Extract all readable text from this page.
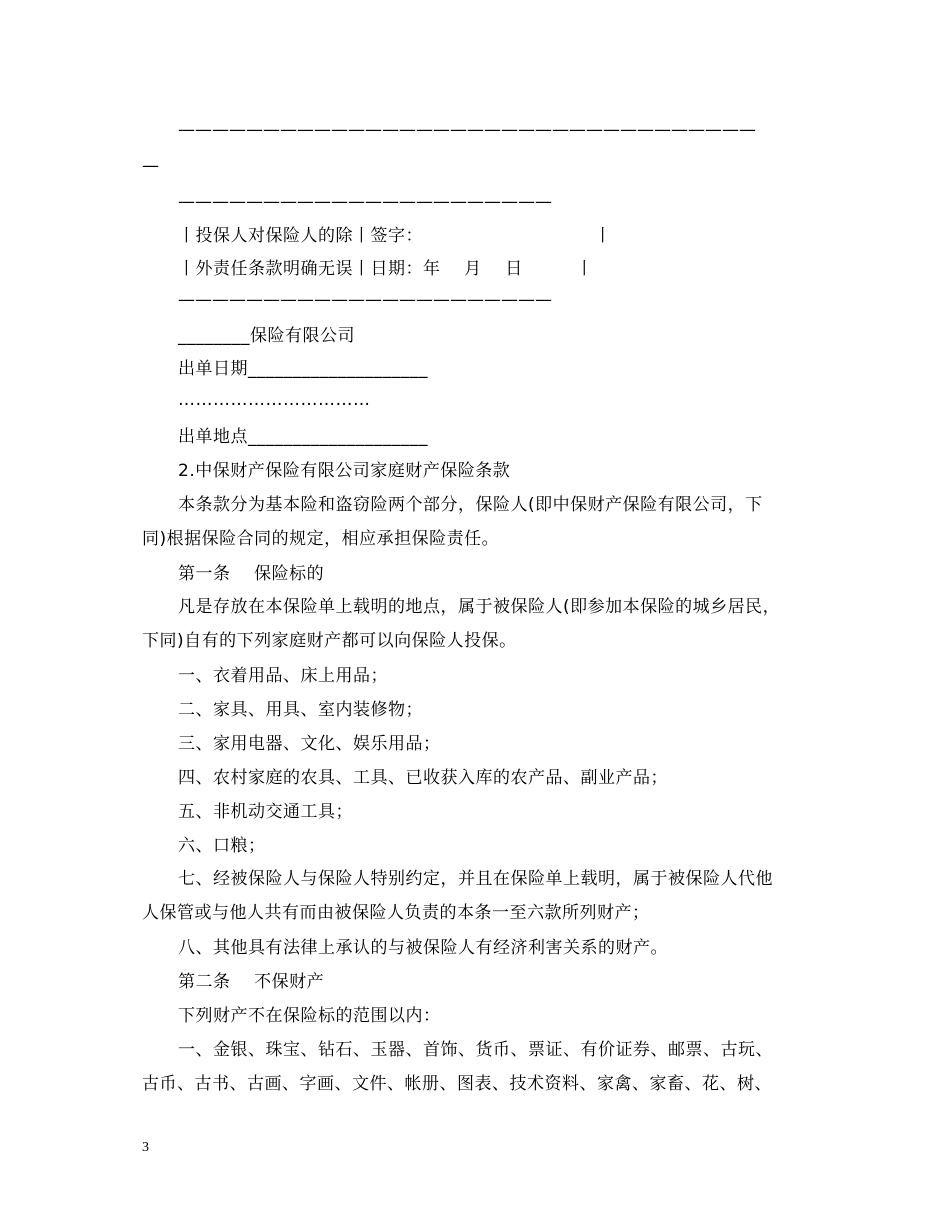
——————————————————————————————————
—
——————————————————————
丨投保人对保险人的除丨签字：                             丨
丨外责任条款明确无误丨日期：年    月    日         丨
——————————————————————
________保险有限公司
出单日期____________________
……………………………
出单地点____________________
2.中保财产保险有限公司家庭财产保险条款
本条款分为基本险和盗窃险两个部分，保险人(即中保财产保险有限公司，下
同)根据保险合同的规定，相应承担保险责任。
第一条    保险标的
凡是存放在本保险单上载明的地点，属于被保险人(即参加本保险的城乡居民，
下同)自有的下列家庭财产都可以向保险人投保。
一、衣着用品、床上用品；
二、家具、用具、室内装修物；
三、家用电器、文化、娱乐用品；
四、农村家庭的农具、工具、已收获入库的农产品、副业产品；
五、非机动交通工具；
六、口粮；
七、经被保险人与保险人特别约定，并且在保险单上载明，属于被保险人代他
人保管或与他人共有而由被保险人负责的本条一至六款所列财产；
八、其他具有法律上承认的与被保险人有经济利害关系的财产。
第二条    不保财产
下列财产不在保险标的范围以内：
一、金银、珠宝、钻石、玉器、首饰、货币、票证、有价证券、邮票、古玩、
古币、古书、古画、字画、文件、帐册、图表、技术资料、家禽、家畜、花、树、
3
